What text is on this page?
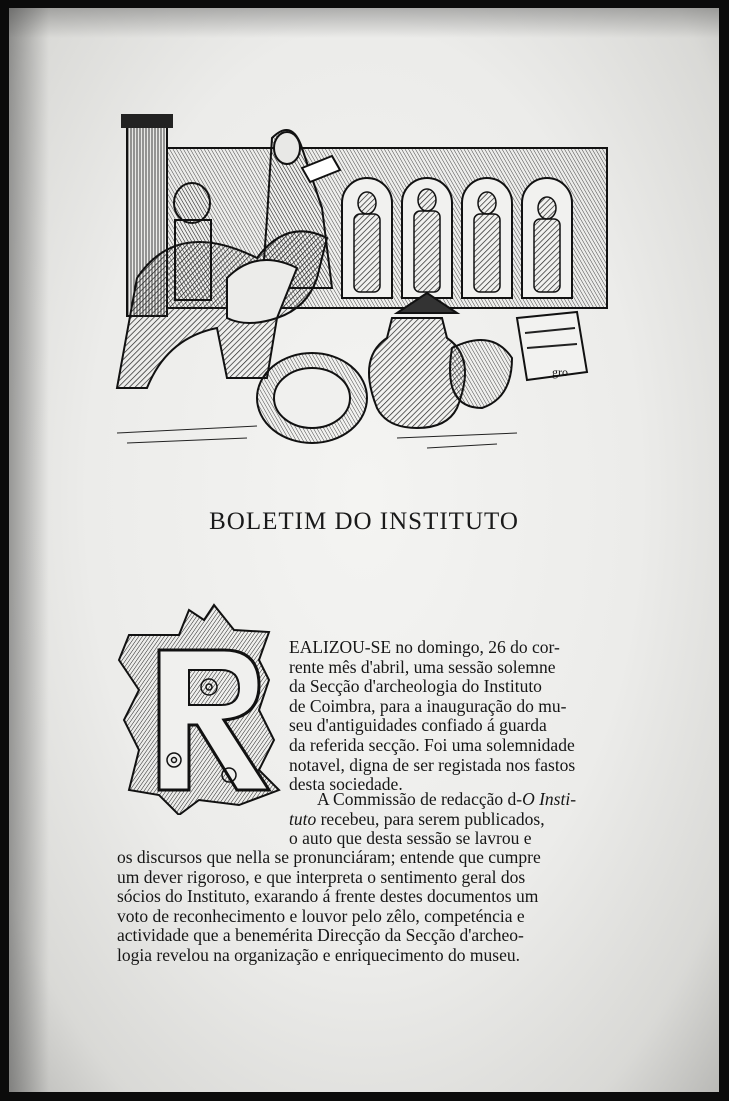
gro
BOLETIM DO INSTITUTO
EALIZOU-SE no domingo, 26 do cor-
rente mês d'abril, uma sessão solemne
da Secção d'archeologia do Instituto
de Coimbra, para a inauguração do mu-
seu d'antiguidades confiado á guarda
da referida secção. Foi uma solemnidade
notavel, digna de ser registada nos fastos
desta sociedade.
A Commissão de redacção d-O Insti-
tuto recebeu, para serem publicados,
o auto que desta sessão se lavrou e
os discursos que nella se pronunciáram; entende que cumpre
um dever rigoroso, e que interpreta o sentimento geral dos
sócios do Instituto, exarando á frente destes documentos um
voto de reconhecimento e louvor pelo zêlo, competéncia e
actividade que a benemérita Direcção da Secção d'archeo-
logia revelou na organização e enriquecimento do museu.
